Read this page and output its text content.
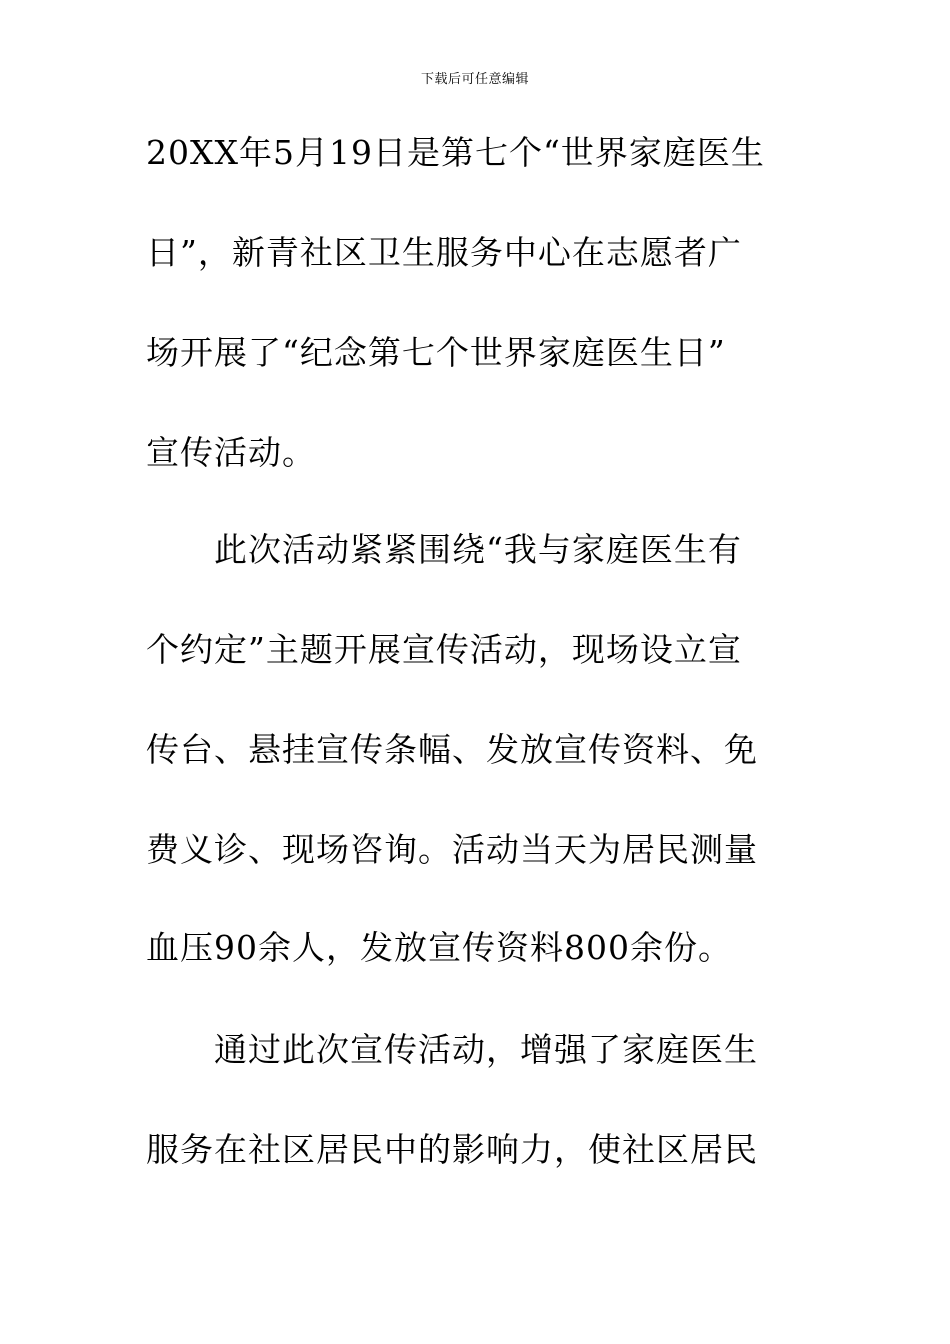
下载后可任意编辑
20XX年5月19日是第七个“世界家庭医生
日”，新青社区卫生服务中心在志愿者广
场开展了“纪念第七个世界家庭医生日”
宣传活动。
此次活动紧紧围绕“我与家庭医生有
个约定”主题开展宣传活动，现场设立宣
传台、悬挂宣传条幅、发放宣传资料、免
费义诊、现场咨询。活动当天为居民测量
血压90余人，发放宣传资料800余份。
通过此次宣传活动，增强了家庭医生
服务在社区居民中的影响力，使社区居民
